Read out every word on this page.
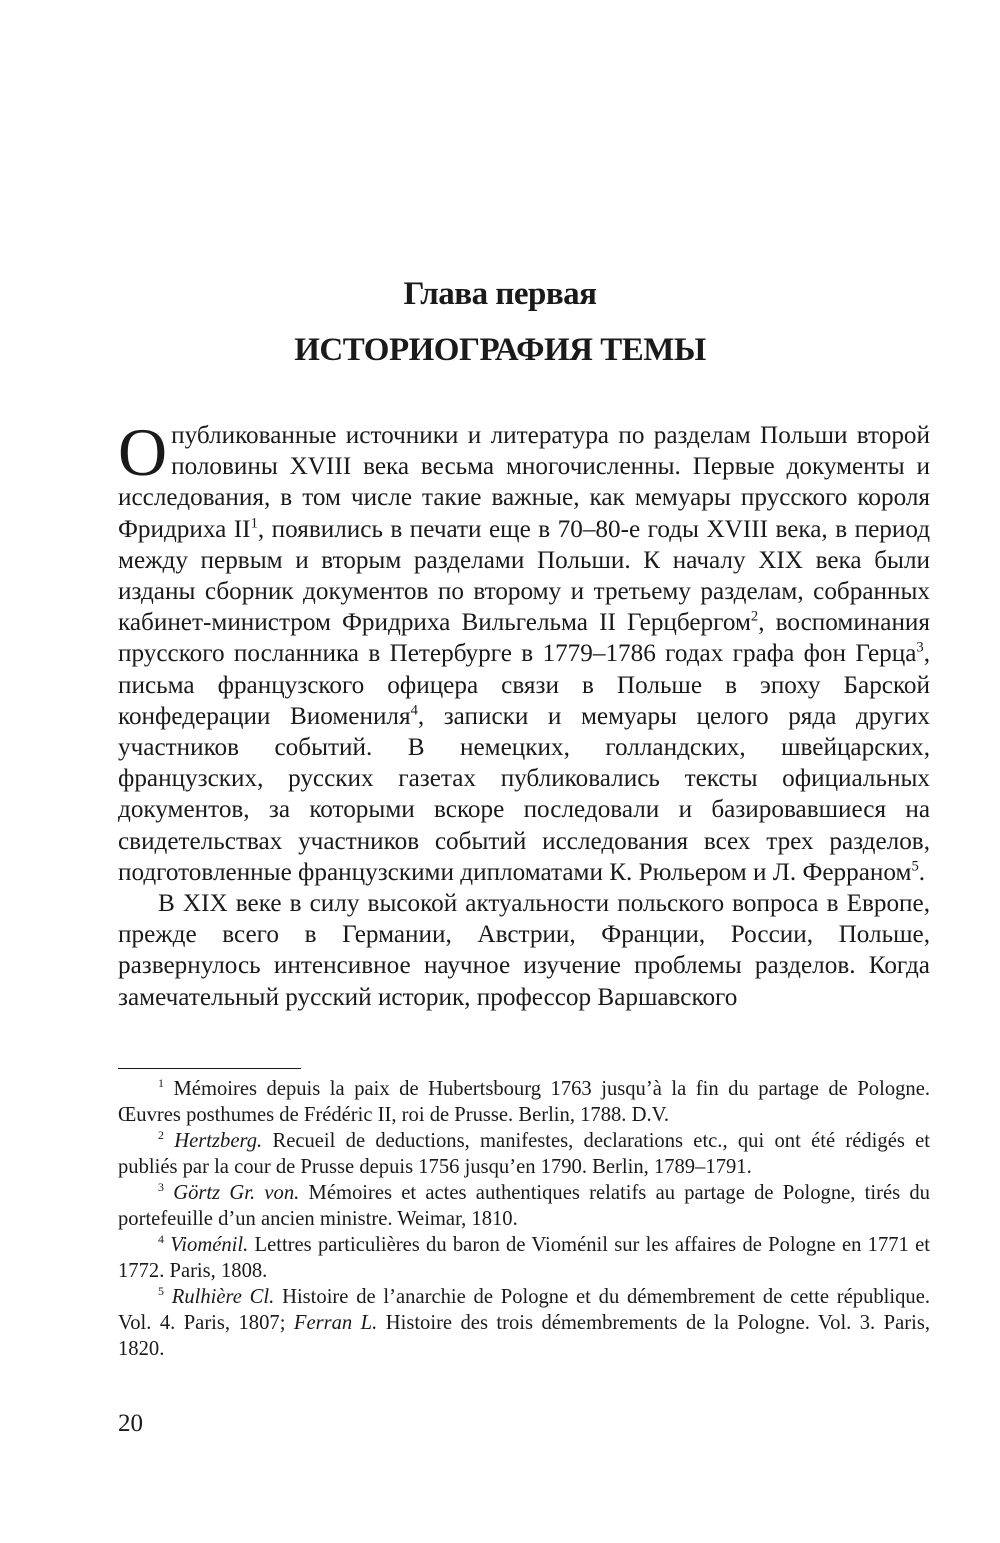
Глава первая
ИСТОРИОГРАФИЯ ТЕМЫ

Опубликованные источники и литература по разделам Польши второй половины XVIII века весьма многочисленны. Первые документы и исследования, в том числе такие важные, как мемуары прусского короля Фридриха $II^1$, появились в печати еще в 70–80-е годы XVIII века, в период между первым и вторым разделами Польши. К началу XIX века были изданы сборник документов по второму и третьему разделам, собранных кабинет-министром Фридриха Вильгельма II Герцбергом$^2$, воспоминания прусского посланника в Петербурге в 1779–1786 годах графа фон Герца$^3$, письма французского офицера связи в Польше в эпоху Барской конфедерации Виомениля$^4$, записки и мемуары целого ряда других участников событий. В немецких, голландских, швейцарских, французских, русских газетах публиковались тексты официальных документов, за которыми вскоре последовали и базировавшиеся на свидетельствах участников событий исследования всех трех разделов, подготовленные французскими дипломатами К. Рюльером и Л. Ферраном$^5$.

В XIX веке в силу высокой актуальности польского вопроса в Европе, прежде всего в Германии, Австрии, Франции, России, Польше, развернулось интенсивное научное изучение проблемы разделов. Когда замечательный русский историк, профессор Варшавского

$^1$ Mémoires depuis la paix de Hubertsbourg 1763 jusqu’à la fin du partage de Pologne. Œuvres posthumes de Frédéric II, roi de Prusse. Berlin, 1788. D.V.

$^2$ Hertzberg. Recueil de deductions, manifestes, declarations etc., qui ont été rédigés et publiés par la cour de Prusse depuis 1756 jusqu’en 1790. Berlin, 1789–1791.

$^3$ Görtz Gr. von. Mémoires et actes authentiques relatifs au partage de Pologne, tirés du portefeuille d’un ancien ministre. Weimar, 1810.

$^4$ Vioménil. Lettres particulières du baron de Vioménil sur les affaires de Pologne en 1771 et 1772. Paris, 1808.

$^5$ Rulhière Cl. Histoire de l’anarchie de Pologne et du démembrement de cette république. Vol. 4. Paris, 1807; Ferran L. Histoire des trois démembrements de la Pologne. Vol. 3. Paris, 1820.

20
